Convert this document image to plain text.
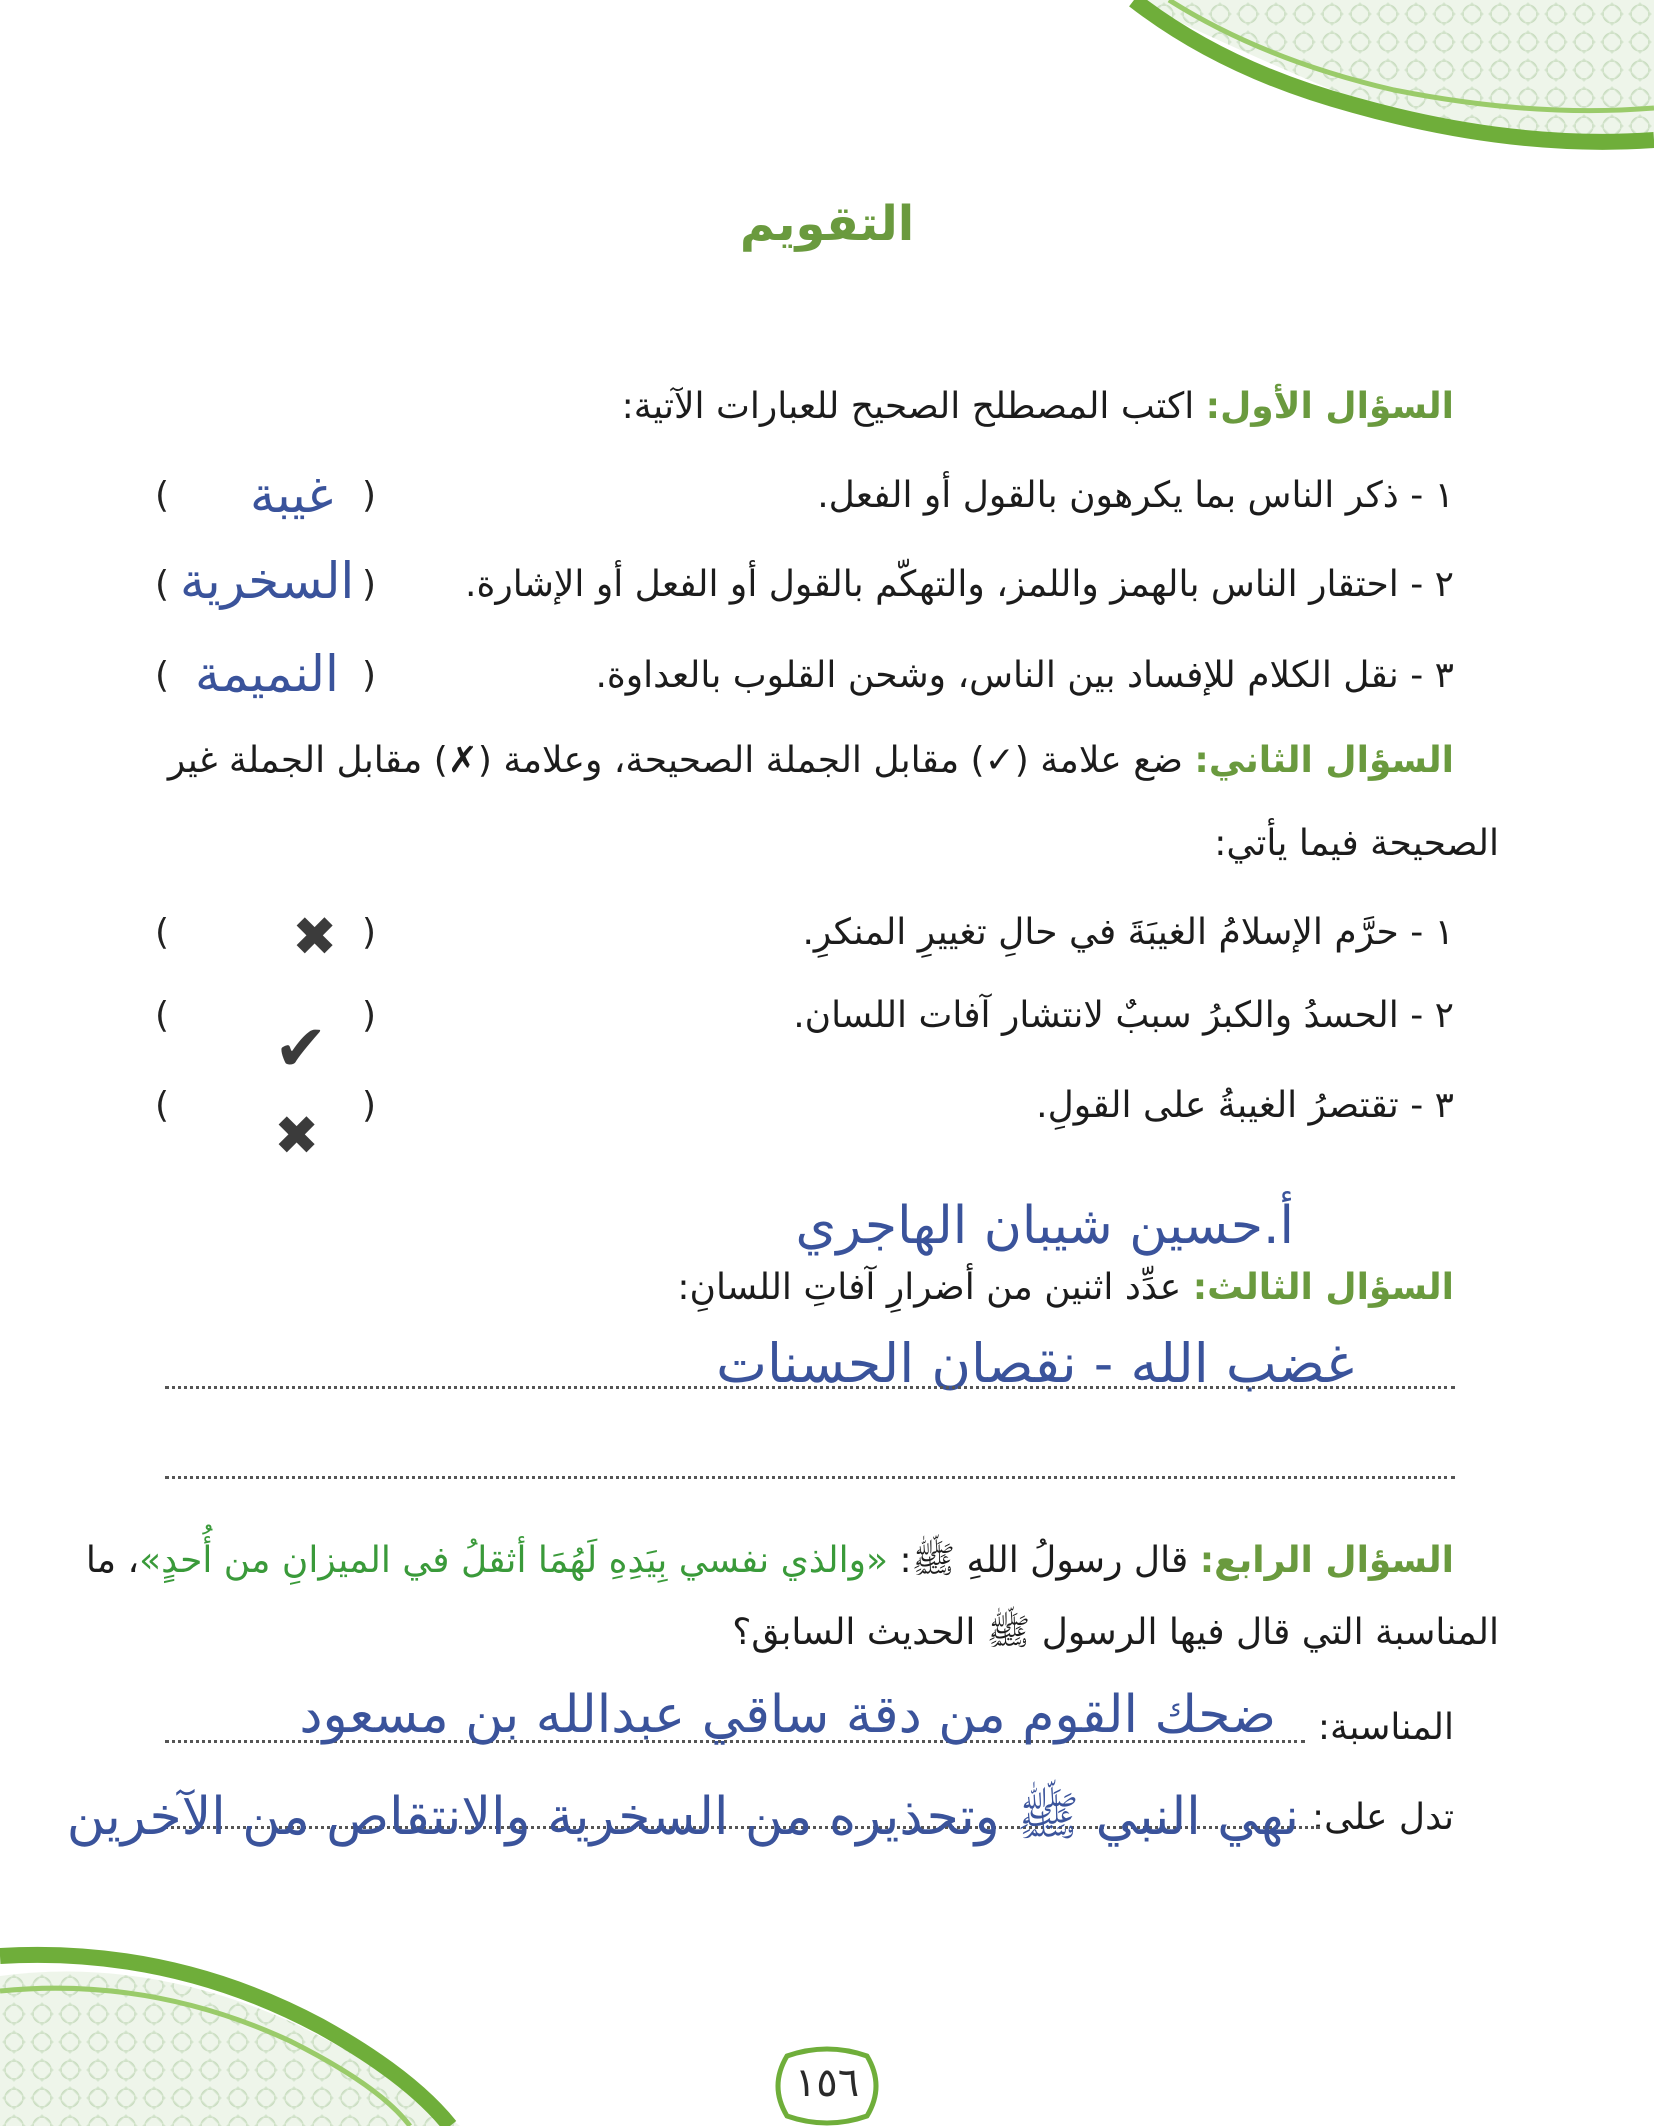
التقويم
السؤال الأول: اكتب المصطلح الصحيح للعبارات الآتية:
١ - ذكر الناس بما يكرهون بالقول أو الفعل.
(
) غيبة
٢ - احتقار الناس بالهمز واللمز، والتهكّم بالقول أو الفعل أو الإشارة.
(
) السخرية
٣ - نقل الكلام للإفساد بين الناس، وشحن القلوب بالعداوة.
(
) النميمة
السؤال الثاني: ضع علامة (✓) مقابل الجملة الصحيحة، وعلامة (✗) مقابل الجملة غير
الصحيحة فيما يأتي:
١ - حرَّم الإسلامُ الغيبَةَ في حالِ تغييرِ المنكرِ.
(
) ✖
٢ - الحسدُ والكبرُ سببٌ لانتشار آفات اللسان.
(
) ✔
٣ - تقتصرُ الغيبةُ على القولِ.
(
) ✖
أ.حسين شيبان الهاجري
السؤال الثالث: عدِّد اثنين من أضرارِ آفاتِ اللسانِ:
غضب الله - نقصان الحسنات
السؤال الرابع: قال رسولُ اللهِ ﷺ: «والذي نفسي بِيَدِهِ لَهُمَا أثقلُ في الميزانِ من أُحدٍ»، ما
المناسبة التي قال فيها الرسول ﷺ الحديث السابق؟
المناسبة:
ضحك القوم من دقة ساقي عبدالله بن مسعود
تدل على:
نهي النبي ﷺ وتحذيره من السخرية والانتقاص من الآخرين
١٥٦
